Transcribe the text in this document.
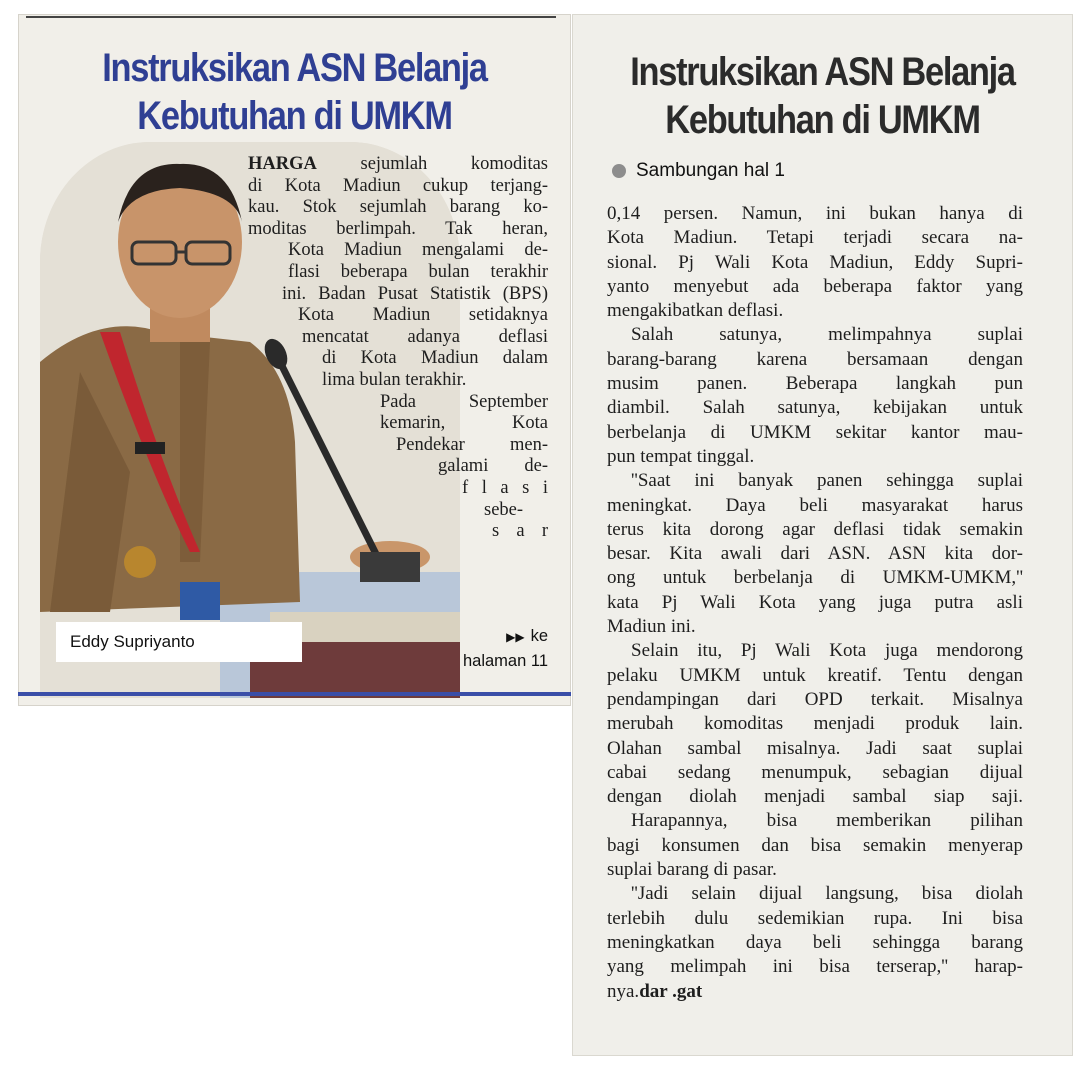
Instruksikan ASN Belanja
Kebutuhan di UMKM
Eddy Supriyanto
HARGA sejumlah komoditas
di Kota Madiun cukup terjang-
kau. Stok sejumlah barang ko-
moditas berlimpah. Tak heran,
Kota Madiun mengalami de-
flasi beberapa bulan terakhir
ini. Badan Pusat Statistik (BPS)
Kota Madiun setidaknya
mencatat adanya deflasi
di Kota Madiun dalam
lima bulan terakhir.
Pada September
kemarin, Kota
Pendekar men-
galami de-
f l a s i
sebe-
s a r
▶▶ ke
halaman 11
Instruksikan ASN Belanja
Kebutuhan di UMKM
Sambungan hal 1
0,14 persen. Namun, ini bukan hanya di
Kota Madiun. Tetapi terjadi secara na-
sional. Pj Wali Kota Madiun, Eddy Supri-
yanto menyebut ada beberapa faktor yang
mengakibatkan deflasi.
Salah satunya, melimpahnya suplai
barang-barang karena bersamaan dengan
musim panen. Beberapa langkah pun
diambil. Salah satunya, kebijakan untuk
berbelanja di UMKM sekitar kantor mau-
pun tempat tinggal.
''Saat ini banyak panen sehingga suplai
meningkat. Daya beli masyarakat harus
terus kita dorong agar deflasi tidak semakin
besar. Kita awali dari ASN. ASN kita dor-
ong untuk berbelanja di UMKM-UMKM,''
kata Pj Wali Kota yang juga putra asli
Madiun ini.
Selain itu, Pj Wali Kota juga mendorong
pelaku UMKM untuk kreatif. Tentu dengan
pendampingan dari OPD terkait. Misalnya
merubah komoditas menjadi produk lain.
Olahan sambal misalnya. Jadi saat suplai
cabai sedang menumpuk, sebagian dijual
dengan diolah menjadi sambal siap saji.
Harapannya, bisa memberikan pilihan
bagi konsumen dan bisa semakin menyerap
suplai barang di pasar.
''Jadi selain dijual langsung, bisa diolah
terlebih dulu sedemikian rupa. Ini bisa
meningkatkan daya beli sehingga barang
yang melimpah ini bisa terserap,'' harap-
nya.dar .gat
